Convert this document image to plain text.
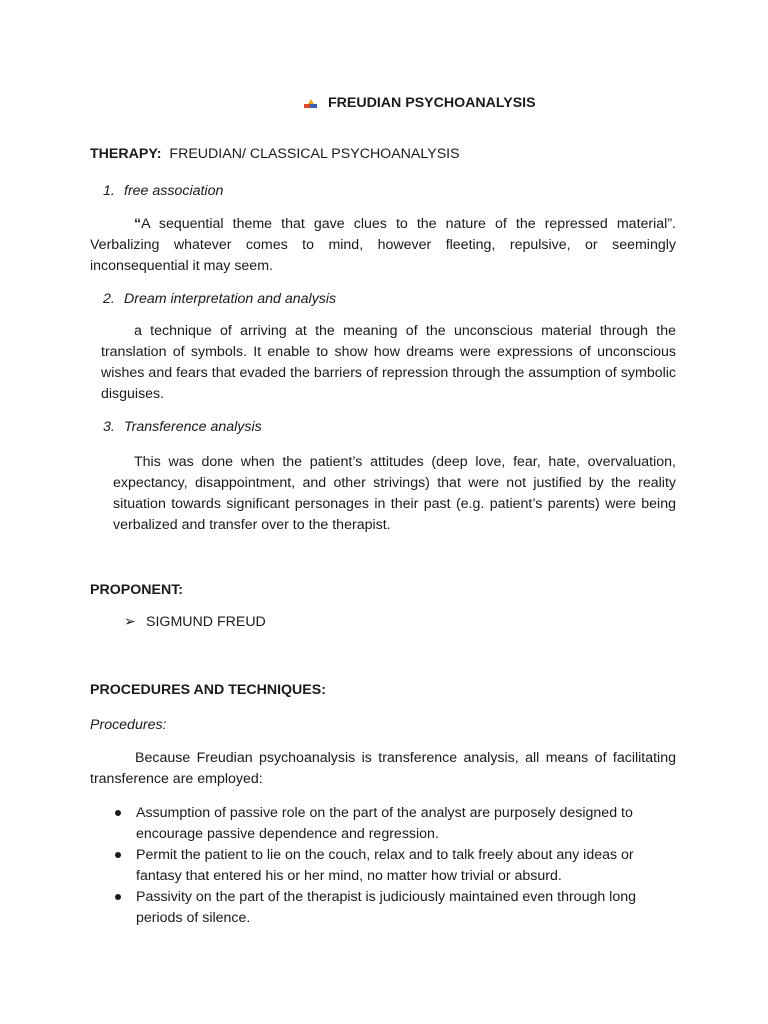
FREUDIAN PSYCHOANALYSIS
THERAPY: FREUDIAN/ CLASSICAL PSYCHOANALYSIS
1. free association
“A sequential theme that gave clues to the nature of the repressed material”. Verbalizing whatever comes to mind, however fleeting, repulsive, or seemingly inconsequential it may seem.
2. Dream interpretation and analysis
a technique of arriving at the meaning of the unconscious material through the translation of symbols. It enable to show how dreams were expressions of unconscious wishes and fears that evaded the barriers of repression through the assumption of symbolic disguises.
3. Transference analysis
This was done when the patient’s attitudes (deep love, fear, hate, overvaluation, expectancy, disappointment, and other strivings) that were not justified by the reality situation towards significant personages in their past (e.g. patient’s parents) were being verbalized and transfer over to the therapist.
PROPONENT:
➢ SIGMUND FREUD
PROCEDURES AND TECHNIQUES:
Procedures:
Because Freudian psychoanalysis is transference analysis, all means of facilitating transference are employed:
Assumption of passive role on the part of the analyst are purposely designed to encourage passive dependence and regression.
Permit the patient to lie on the couch, relax and to talk freely about any ideas or fantasy that entered his or her mind, no matter how trivial or absurd.
Passivity on the part of the therapist is judiciously maintained even through long periods of silence.
